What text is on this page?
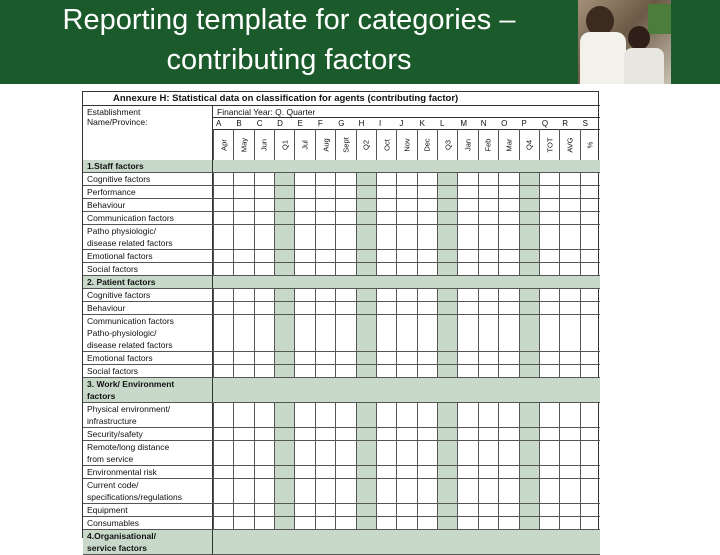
Reporting template for categories –
contributing factors
Annexure H: Statistical data on classification for agents (contributing factor)
Establishment
Name/Province:
Financial Year: Q. Quarter
A	B	C	D	E	F	G	H	I	J	K	L	M	N	O	P	Q	R	S
Apr May Jun Q1 Jul Aug Sept Q2 Oct Nov Dec Q3 Jan Feb Mar Q4 TOT AVG %
1.Staff factors
Cognitive factors
Performance
Behaviour
Communication factors
Patho physiologic/
disease related factors
Emotional factors
Social factors
2. Patient factors
Cognitive factors
Behaviour
Communication factors
Patho-physiologic/
disease related factors
Emotional factors
Social factors
3. Work/ Environment
factors
Physical environment/
infrastructure
Security/safety
Remote/long distance
from service
Environmental risk
Current code/
specifications/regulations
Equipment
Consumables
4.Organisational/
service factors
